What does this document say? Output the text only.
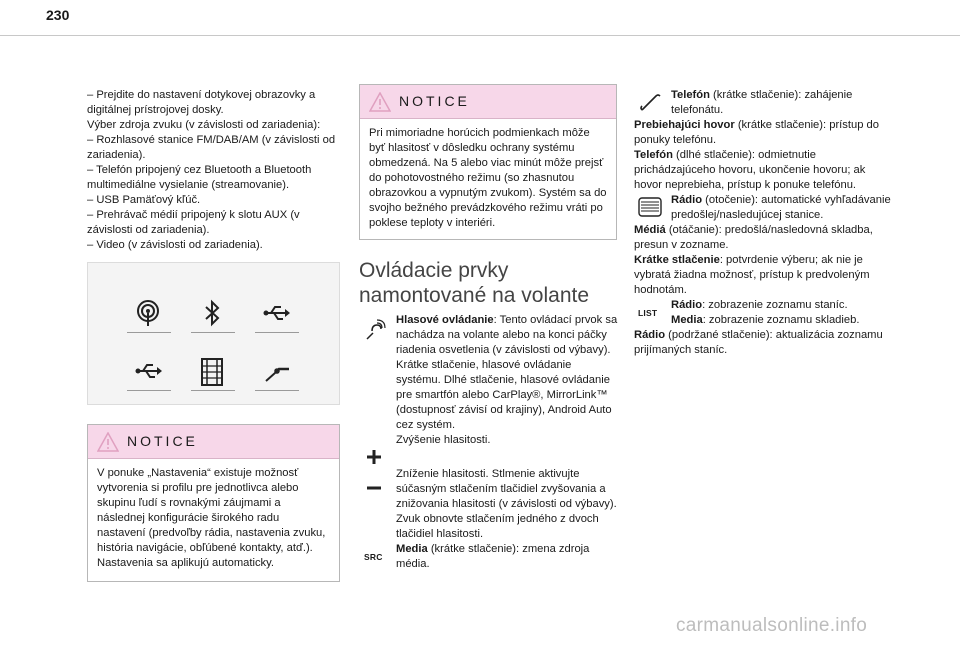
230

– Prejdite do nastavení dotykovej obrazovky a digitálnej prístrojovej dosky.

Výber zdroja zvuku (v závislosti od zariadenia):

– Rozhlasové stanice FM/DAB/AM (v závislosti od zariadenia).

– Telefón pripojený cez Bluetooth a Bluetooth multimediálne vysielanie (streamovanie).

– USB Pamäťový kľúč.

– Prehrávač médií pripojený k slotu AUX (v závislosti od zariadenia).

– Video (v závislosti od zariadenia).

NOTICE
V ponuke „Nastavenia“ existuje možnosť vytvorenia si profilu pre jednotlivca alebo skupinu ľudí s rovnakými záujmami a následnej konfigurácie širokého radu nastavení (predvoľby rádia, nastavenia zvuku, história navigácie, obľúbené kontakty, atď.). Nastavenia sa aplikujú automaticky.
NOTICE
Pri mimoriadne horúcich podmienkach môže byť hlasitosť v dôsledku ochrany systému obmedzená. Na 5 alebo viac minút môže prejsť do pohotovostného režimu (so zhasnutou obrazovkou a vypnutým zvukom). Systém sa do svojho bežného prevádzkového režimu vráti po poklese teploty v interiéri.
Ovládacie prvky namontované na volante

Hlasové ovládanie: Tento ovládací prvok sa nachádza na volante alebo na konci páčky riadenia osvetlenia (v závislosti od výbavy). Krátke stlačenie, hlasové ovládanie systému. Dlhé stlačenie, hlasové ovládanie pre smartfón alebo CarPlay®, MirrorLink™ (dostupnosť závisí od krajiny), Android Auto cez systém.

Zvýšenie hlasitosti.

Zníženie hlasitosti. Stlmenie aktivujte súčasným stlačením tlačidiel zvyšovania a znižovania hlasitosti (v závislosti od výbavy). Zvuk obnovte stlačením jedného z dvoch tlačidiel hlasitosti.

SRC

Media (krátke stlačenie): zmena zdroja média.

Telefón (krátke stlačenie): zahájenie telefonátu.

Prebiehajúci hovor (krátke stlačenie): prístup do ponuky telefónu.

Telefón (dlhé stlačenie): odmietnutie prichádzajúceho hovoru, ukončenie hovoru; ak hovor neprebieha, prístup k ponuke telefónu.

Rádio (otočenie): automatické vyhľadávanie predošlej/nasledujúcej stanice.

Médiá (otáčanie): predošlá/nasledovná skladba, presun v zozname.

Krátke stlačenie: potvrdenie výberu; ak nie je vybratá žiadna možnosť, prístup k predvoleným hodnotám.

LIST

Rádio: zobrazenie zoznamu staníc.

Media: zobrazenie zoznamu skladieb.

Rádio (podržané stlačenie): aktualizácia zoznamu prijímaných staníc.

carmanualsonline.info
